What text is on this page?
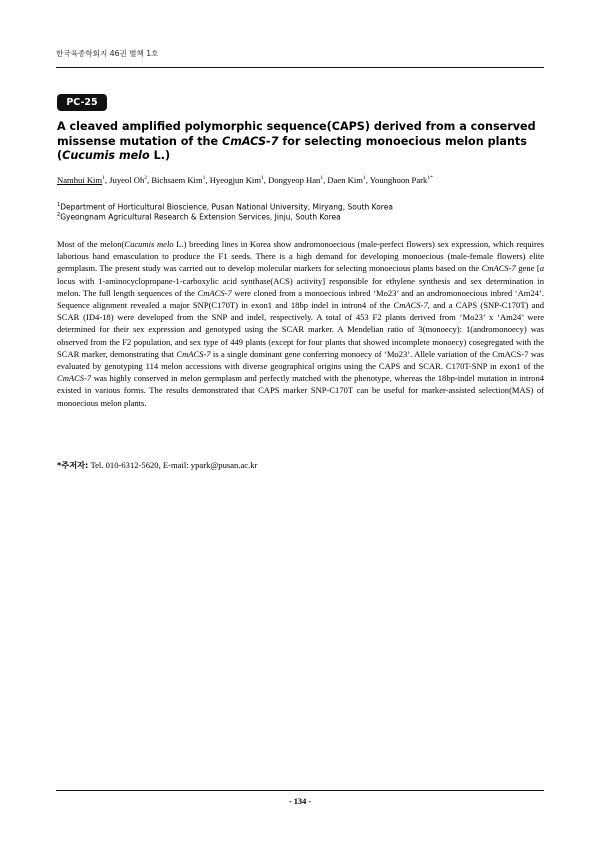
한국육종학회지 46권 별책 1호
PC-25
A cleaved amplified polymorphic sequence(CAPS) derived from a conserved
missense mutation of the CmACS-7 for selecting monoecious melon plants
(Cucumis melo L.)
Namhui Kim$^1$, Juyeol Oh$^2$, Bichsaem Kim$^1$, Hyeogjun Kim$^1$, Dongyeop Han$^1$, Daen Kim$^1$, Younghoon Park$^{1*}$
$^1$Department of Horticultural Bioscience, Pusan National University, Miryang, South Korea
$^2$Gyeongnam Agricultural Research & Extension Services, Jinju, South Korea

Most of the melon(Cucumis melo L.) breeding lines in Korea show andromonoecious (male-perfect flowers) sex expression, which requires laborious hand emasculation to produce the F1 seeds. There is a high demand for developing monoecious (male-female flowers) elite germplasm. The present study was carried out to develop molecular markers for selecting monoecious plants based on the CmACS-7 gene [a locus with 1-aminocyclopropane-1-carboxylic acid synthase(ACS) activity] responsible for ethylene synthesis and sex determination in melon. The full length sequences of the CmACS-7 were cloned from a monoecious inbred ‘Mo23’ and an andromonoecious inbred ‘Am24’. Sequence alignment revealed a major SNP(C170T) in exon1 and 18bp indel in intron4 of the CmACS-7, and a CAPS (SNP-C170T) and SCAR (ID4-18) were developed from the SNP and indel, respectively. A total of 453 F2 plants derived from ‘Mo23’ x ‘Am24’ were determined for their sex expression and genotyped using the SCAR marker. A Mendelian ratio of 3(monoecy): 1(andromonoecy) was observed from the F2 population, and sex type of 449 plants (except for four plants that showed incomplete monoecy) cosegregated with the SCAR marker, demonstrating that CmACS-7 is a single dominant gene conferring monoecy of ‘Mo23’. Allele variation of the CmACS-7 was evaluated by genotyping 114 melon accessions with diverse geographical origins using the CAPS and SCAR. C170T-SNP in exon1 of the CmACS-7 was highly conserved in melon germplasm and perfectly matched with the phenotype, whereas the 18bp-indel mutation in intron4 existed in various forms. The results demonstrated that CAPS marker SNP-C170T can be useful for marker-assisted selection(MAS) of monoecious melon plants.

*주저자: Tel. 010-6312-5620, E-mail: ypark@pusan.ac.kr
- 134 -
